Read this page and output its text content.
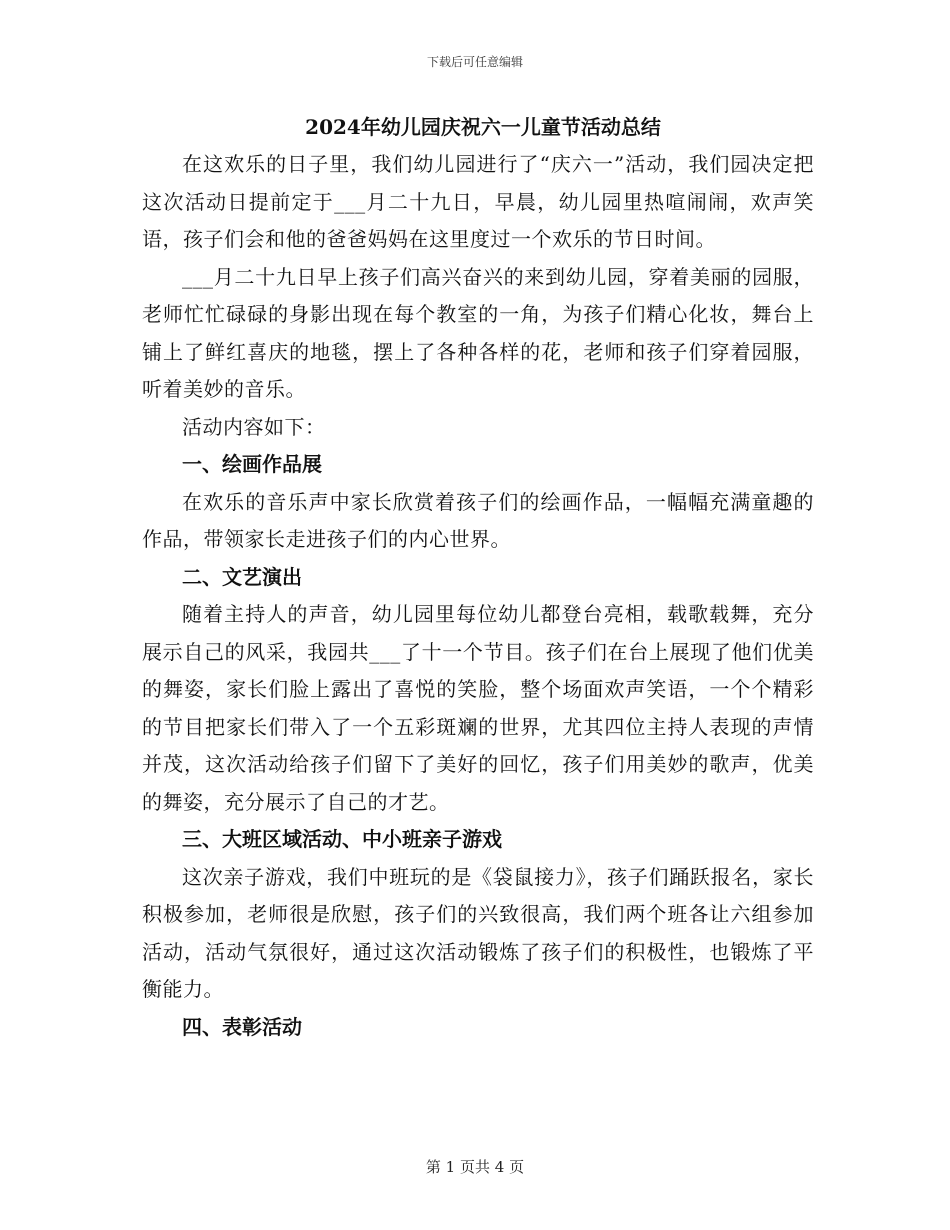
下载后可任意编辑
2024年幼儿园庆祝六一儿童节活动总结

在这欢乐的日子里，我们幼儿园进行了“庆六一”活动，我们园决定把这次活动日提前定于___月二十九日，早晨，幼儿园里热喧闹闹，欢声笑语，孩子们会和他的爸爸妈妈在这里度过一个欢乐的节日时间。

___月二十九日早上孩子们高兴奋兴的来到幼儿园，穿着美丽的园服，老师忙忙碌碌的身影出现在每个教室的一角，为孩子们精心化妆，舞台上铺上了鲜红喜庆的地毯，摆上了各种各样的花，老师和孩子们穿着园服，听着美妙的音乐。

活动内容如下：

一、绘画作品展

在欢乐的音乐声中家长欣赏着孩子们的绘画作品，一幅幅充满童趣的作品，带领家长走进孩子们的内心世界。

二、文艺演出

随着主持人的声音，幼儿园里每位幼儿都登台亮相，载歌载舞，充分展示自己的风采，我园共___了十一个节目。孩子们在台上展现了他们优美的舞姿，家长们脸上露出了喜悦的笑脸，整个场面欢声笑语，一个个精彩的节目把家长们带入了一个五彩斑斓的世界，尤其四位主持人表现的声情并茂，这次活动给孩子们留下了美好的回忆，孩子们用美妙的歌声，优美的舞姿，充分展示了自己的才艺。

三、大班区域活动、中小班亲子游戏

这次亲子游戏，我们中班玩的是《袋鼠接力》，孩子们踊跃报名，家长积极参加，老师很是欣慰，孩子们的兴致很高，我们两个班各让六组参加活动，活动气氛很好，通过这次活动锻炼了孩子们的积极性，也锻炼了平衡能力。

四、表彰活动

第 1 页共 4 页
